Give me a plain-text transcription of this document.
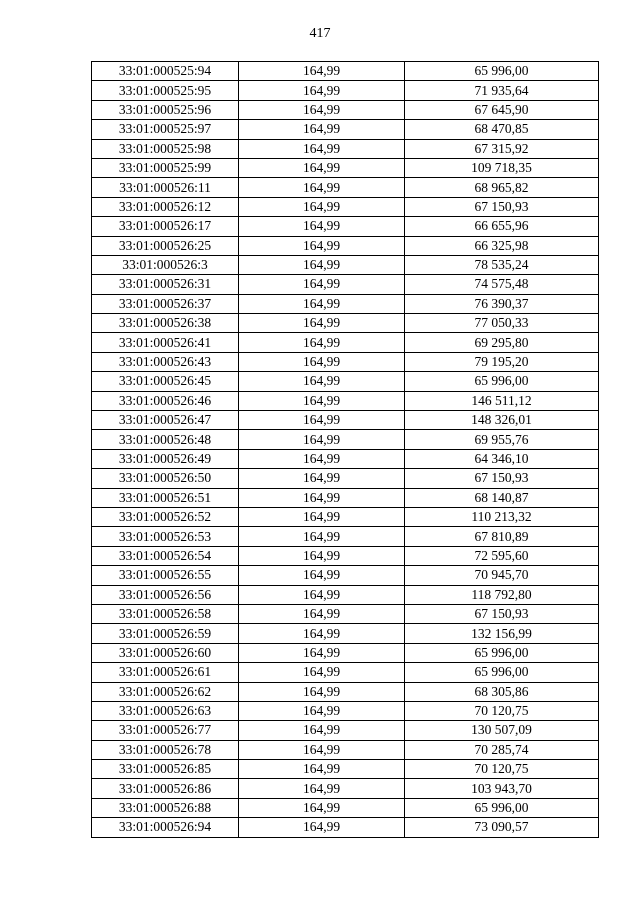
417
33:01:000525:94	164,99	65 996,00
33:01:000525:95	164,99	71 935,64
33:01:000525:96	164,99	67 645,90
33:01:000525:97	164,99	68 470,85
33:01:000525:98	164,99	67 315,92
33:01:000525:99	164,99	109 718,35
33:01:000526:11	164,99	68 965,82
33:01:000526:12	164,99	67 150,93
33:01:000526:17	164,99	66 655,96
33:01:000526:25	164,99	66 325,98
33:01:000526:3	164,99	78 535,24
33:01:000526:31	164,99	74 575,48
33:01:000526:37	164,99	76 390,37
33:01:000526:38	164,99	77 050,33
33:01:000526:41	164,99	69 295,80
33:01:000526:43	164,99	79 195,20
33:01:000526:45	164,99	65 996,00
33:01:000526:46	164,99	146 511,12
33:01:000526:47	164,99	148 326,01
33:01:000526:48	164,99	69 955,76
33:01:000526:49	164,99	64 346,10
33:01:000526:50	164,99	67 150,93
33:01:000526:51	164,99	68 140,87
33:01:000526:52	164,99	110 213,32
33:01:000526:53	164,99	67 810,89
33:01:000526:54	164,99	72 595,60
33:01:000526:55	164,99	70 945,70
33:01:000526:56	164,99	118 792,80
33:01:000526:58	164,99	67 150,93
33:01:000526:59	164,99	132 156,99
33:01:000526:60	164,99	65 996,00
33:01:000526:61	164,99	65 996,00
33:01:000526:62	164,99	68 305,86
33:01:000526:63	164,99	70 120,75
33:01:000526:77	164,99	130 507,09
33:01:000526:78	164,99	70 285,74
33:01:000526:85	164,99	70 120,75
33:01:000526:86	164,99	103 943,70
33:01:000526:88	164,99	65 996,00
33:01:000526:94	164,99	73 090,57
